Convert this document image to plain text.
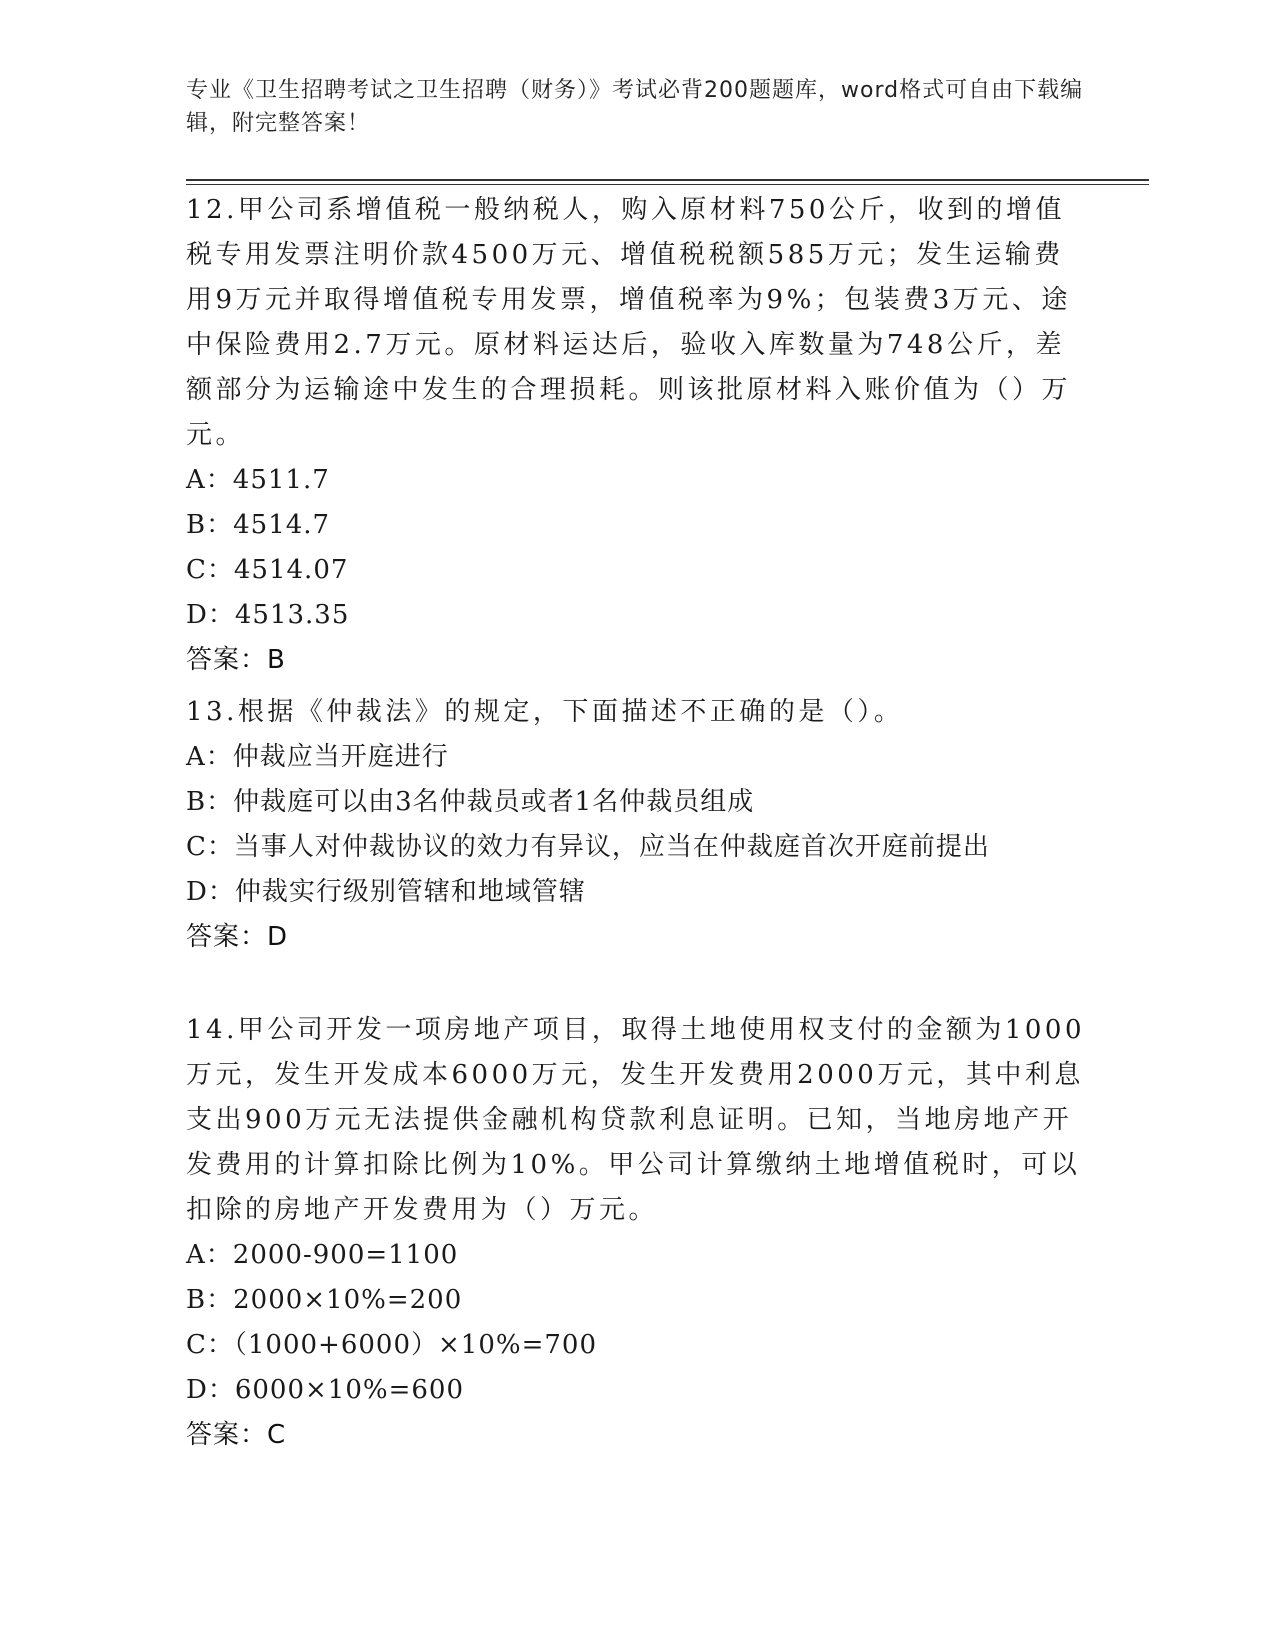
专业《卫生招聘考试之卫生招聘（财务）》考试必背200题题库，word格式可自由下载编辑，附完整答案！

12.甲公司系增值税一般纳税人，购入原材料750公斤，收到的增值税专用发票注明价款4500万元、增值税税额585万元；发生运输费用9万元并取得增值税专用发票，增值税率为9%；包装费3万元、途中保险费用2.7万元。原材料运达后，验收入库数量为748公斤，差额部分为运输途中发生的合理损耗。则该批原材料入账价值为（）万元。

A：4511.7

B：4514.7

C：4514.07

D：4513.35

答案：B

13.根据《仲裁法》的规定，下面描述不正确的是（）。

A：仲裁应当开庭进行

B：仲裁庭可以由3名仲裁员或者1名仲裁员组成

C：当事人对仲裁协议的效力有异议，应当在仲裁庭首次开庭前提出

D：仲裁实行级别管辖和地域管辖

答案：D

14.甲公司开发一项房地产项目，取得土地使用权支付的金额为1000万元，发生开发成本6000万元，发生开发费用2000万元，其中利息支出900万元无法提供金融机构贷款利息证明。已知，当地房地产开发费用的计算扣除比例为10%。甲公司计算缴纳土地增值税时，可以扣除的房地产开发费用为（）万元。

A：2000-900=1100

B：2000×10%=200

C：（1000+6000）×10%=700

D：6000×10%=600

答案：C
